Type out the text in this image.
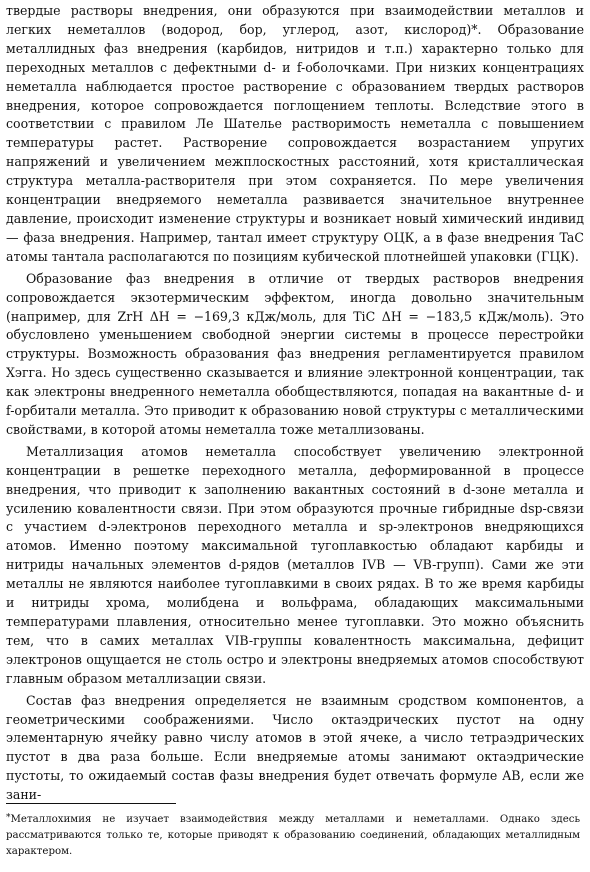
твердые растворы внедрения, они образуются при взаимодействии металлов и легких неметаллов (водород, бор, углерод, азот, кислород)*. Образование металлидных фаз внедрения (карбидов, нитридов и т.п.) характерно только для переходных металлов с дефектными d- и f-оболочками. При низких концентрациях неметалла наблюдается простое растворение с образованием твердых растворов внедрения, которое сопровождается поглощением теплоты. Вследствие этого в соответствии с правилом Ле Шателье растворимость неметалла с повышением температуры растет. Растворение сопровождается возрастанием упругих напряжений и увеличением межплоскостных расстояний, хотя кристаллическая структура металла-растворителя при этом сохраняется. По мере увеличения концентрации внедряемого неметалла развивается значительное внутреннее давление, происходит изменение структуры и возникает новый химический индивид — фаза внедрения. Например, тантал имеет структуру ОЦК, а в фазе внедрения TaC атомы тантала располагаются по позициям кубической плотнейшей упаковки (ГЦК).

Образование фаз внедрения в отличие от твердых растворов внедрения сопровождается экзотермическим эффектом, иногда довольно значительным (например, для ZrH ΔH = −169,3 кДж/моль, для TiC ΔH = −183,5 кДж/моль). Это обусловлено уменьшением свободной энергии системы в процессе перестройки структуры. Возможность образования фаз внедрения регламентируется правилом Хэгга. Но здесь существенно сказывается и влияние электронной концентрации, так как электроны внедренного неметалла обобществляются, попадая на вакантные d- и f-орбитали металла. Это приводит к образованию новой структуры с металлическими свойствами, в которой атомы неметалла тоже металлизованы.

Металлизация атомов неметалла способствует увеличению электронной концентрации в решетке переходного металла, деформированной в процессе внедрения, что приводит к заполнению вакантных состояний в d-зоне металла и усилению ковалентности связи. При этом образуются прочные гибридные dsp-связи с участием d-электронов переходного металла и sp-электронов внедряющихся атомов. Именно поэтому максимальной тугоплавкостью обладают карбиды и нитриды начальных элементов d-рядов (металлов IVB — VB-групп). Сами же эти металлы не являются наиболее тугоплавкими в своих рядах. В то же время карбиды и нитриды хрома, молибдена и вольфрама, обладающих максимальными температурами плавления, относительно менее тугоплавки. Это можно объяснить тем, что в самих металлах VIB-группы ковалентность максимальна, дефицит электронов ощущается не столь остро и электроны внедряемых атомов способствуют главным образом металлизации связи.

Состав фаз внедрения определяется не взаимным сродством компонентов, а геометрическими соображениями. Число октаэдрических пустот на одну элементарную ячейку равно числу атомов в этой ячеке, а число тетраэдрических пустот в два раза больше. Если внедряемые атомы занимают октаэдрические пустоты, то ожидаемый состав фазы внедрения будет отвечать формуле AB, если же зани-

*Металлохимия не изучает взаимодействия между металлами и неметаллами. Однако здесь рассматриваются только те, которые приводят к образованию соединений, обладающих металлидным характером.
